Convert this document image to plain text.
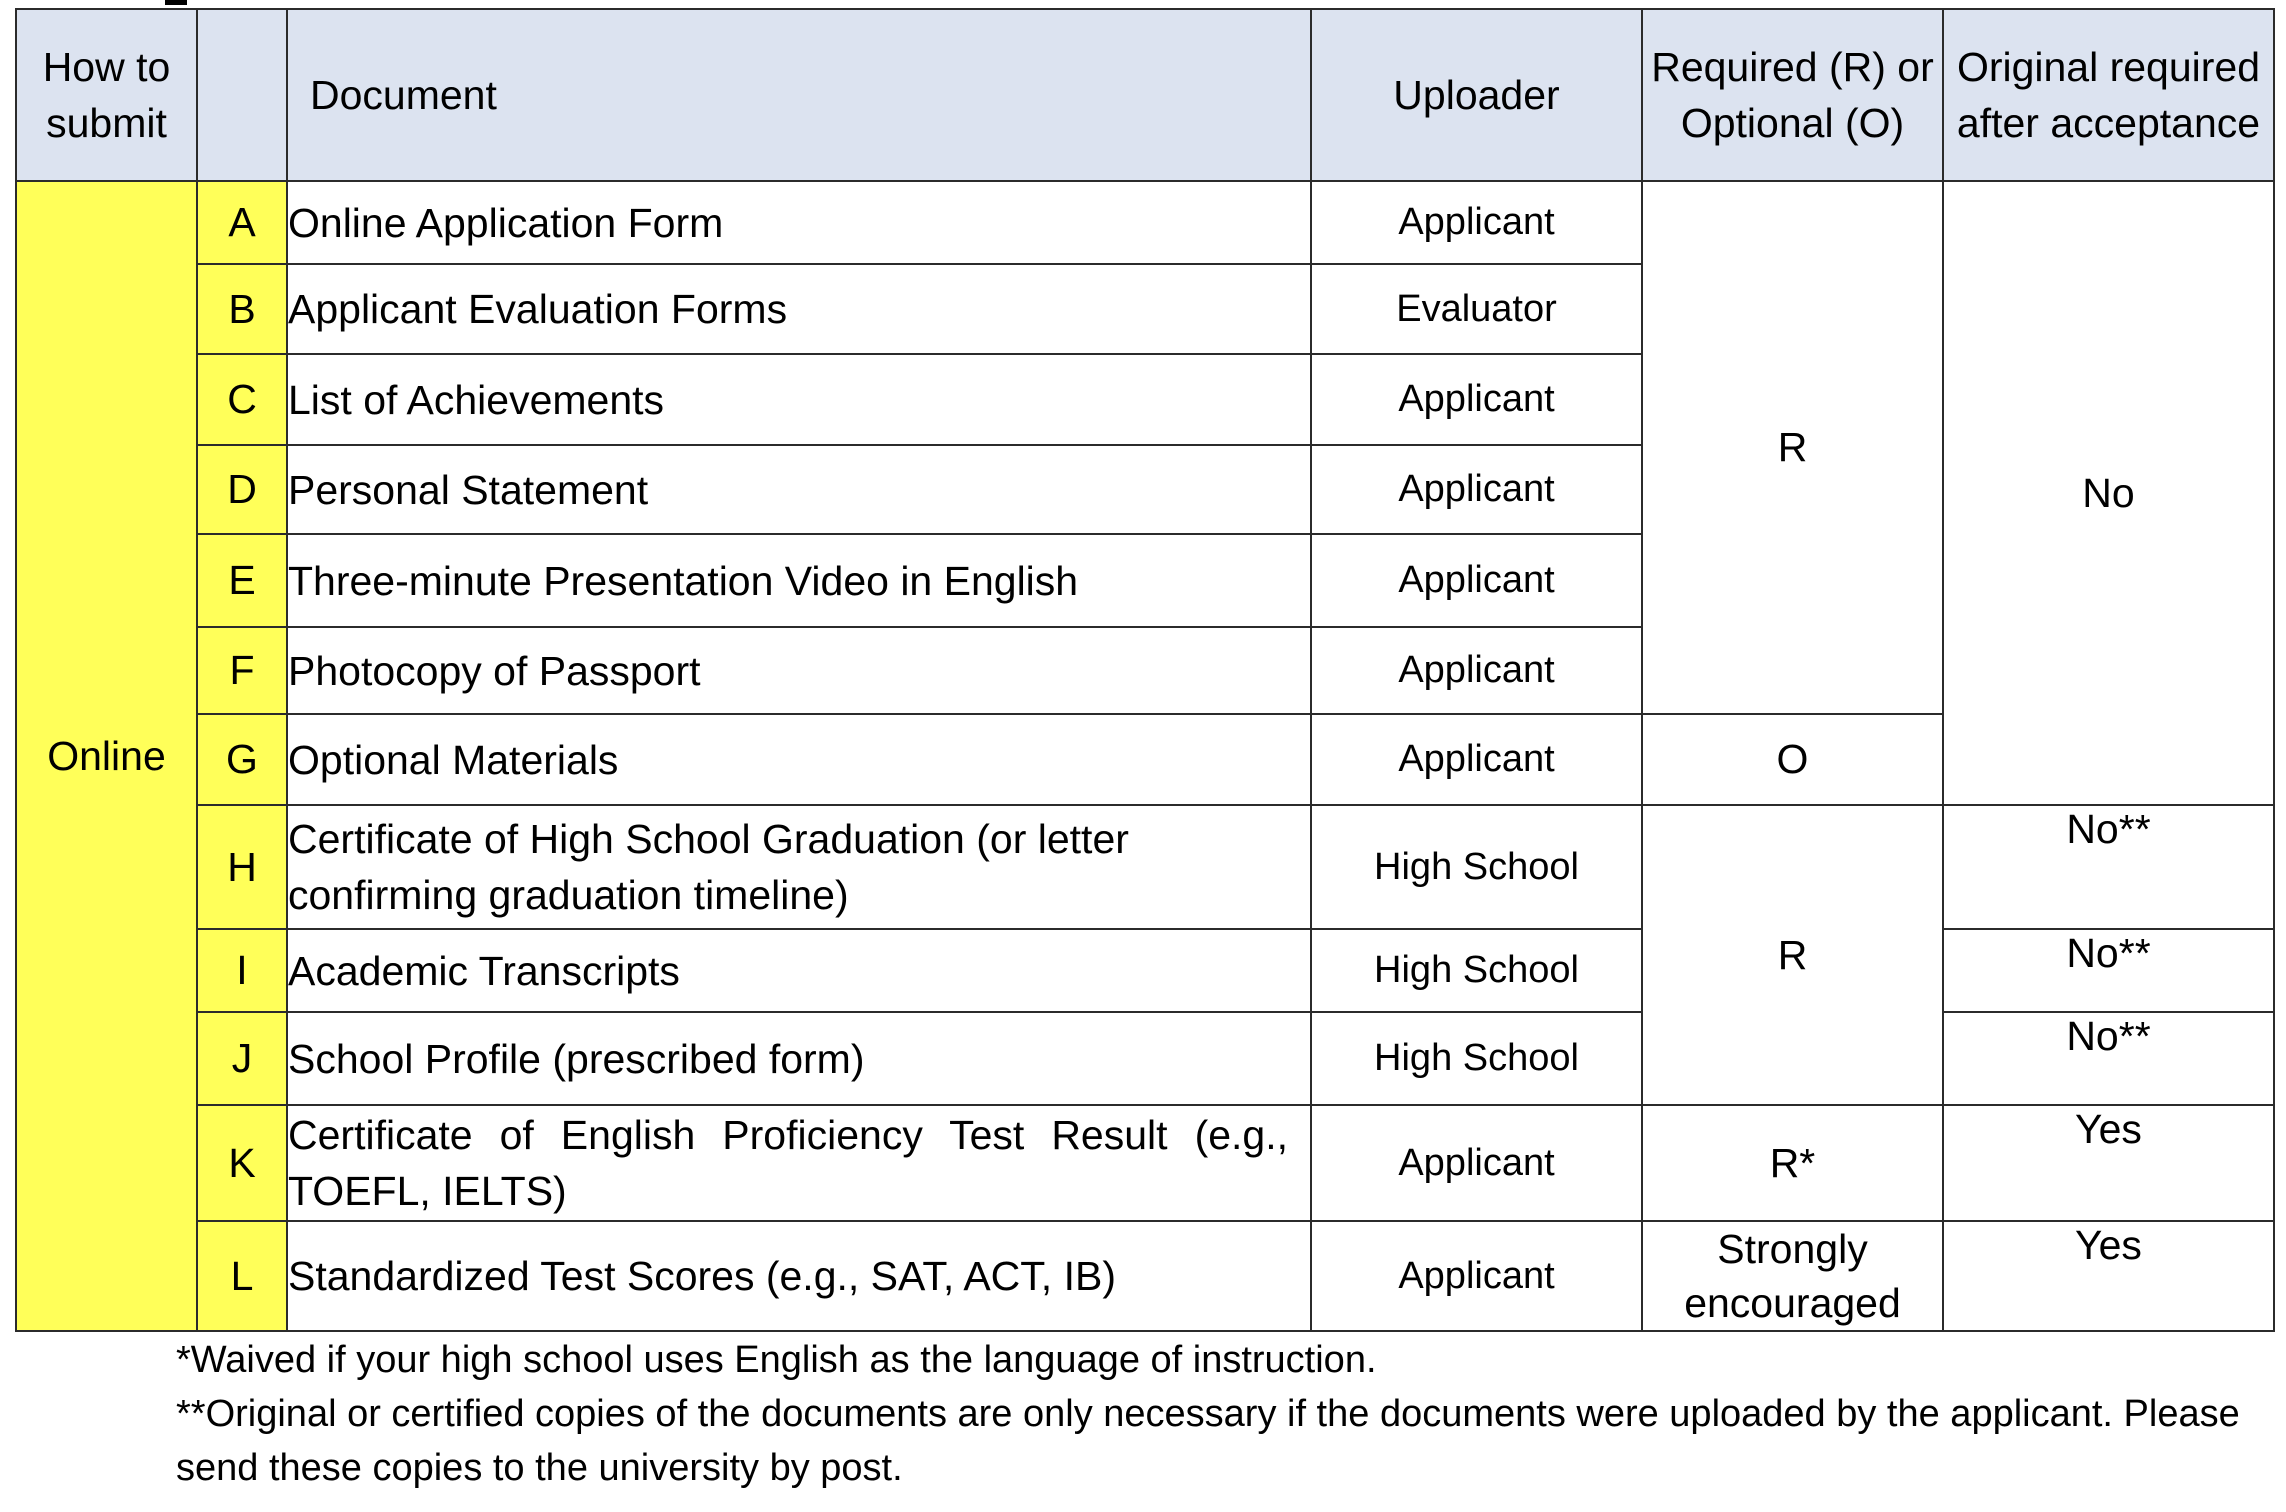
How to submit		Document	Uploader	Required (R) or Optional (O)	Original required after acceptance
Online	A	Online Application Form	Applicant	R	No
	B	Applicant Evaluation Forms	Evaluator		
	C	List of Achievements	Applicant		
	D	Personal Statement	Applicant		
	E	Three-minute Presentation Video in English	Applicant		
	F	Photocopy of Passport	Applicant		
	G	Optional Materials	Applicant	O	
	H	Certificate of High School Graduation (or letter confirming graduation timeline)	High School	R	No**
	I	Academic Transcripts	High School		No**
	J	School Profile (prescribed form)	High School		No**
	K	Certificate of English Proficiency Test Result (e.g., TOEFL, IELTS)	Applicant	R*	Yes
	L	Standardized Test Scores (e.g., SAT, ACT, IB)	Applicant	Strongly encouraged	Yes

*Waived if your high school uses English as the language of instruction.

**Original or certified copies of the documents are only necessary if the documents were uploaded by the applicant. Please send these copies to the university by post.
